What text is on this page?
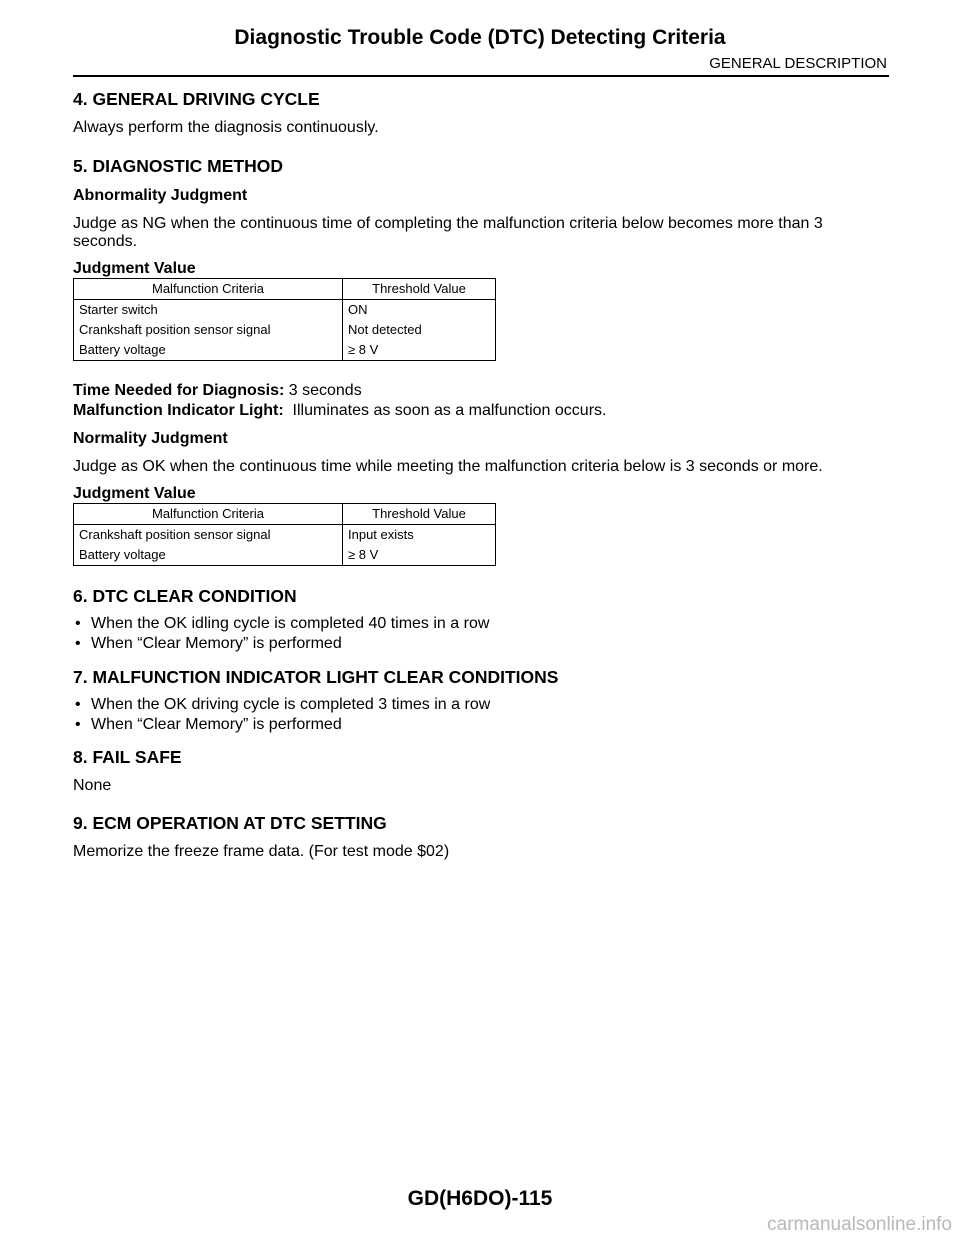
Diagnostic Trouble Code (DTC) Detecting Criteria
GENERAL DESCRIPTION
4. GENERAL DRIVING CYCLE
Always perform the diagnosis continuously.
5. DIAGNOSTIC METHOD
Abnormality Judgment
Judge as NG when the continuous time of completing the malfunction criteria below becomes more than 3 seconds.
Judgment Value
Malfunction Criteria	Threshold Value
Starter switch	ON
Crankshaft position sensor signal	Not detected
Battery voltage	≥ 8 V
Time Needed for Diagnosis: 3 seconds
Malfunction Indicator Light: Illuminates as soon as a malfunction occurs.
Normality Judgment
Judge as OK when the continuous time while meeting the malfunction criteria below is 3 seconds or more.
Judgment Value
Malfunction Criteria	Threshold Value
Crankshaft position sensor signal	Input exists
Battery voltage	≥ 8 V
6. DTC CLEAR CONDITION
• When the OK idling cycle is completed 40 times in a row
• When “Clear Memory” is performed
7. MALFUNCTION INDICATOR LIGHT CLEAR CONDITIONS
• When the OK driving cycle is completed 3 times in a row
• When “Clear Memory” is performed
8. FAIL SAFE
None
9. ECM OPERATION AT DTC SETTING
Memorize the freeze frame data. (For test mode $02)
GD(H6DO)-115
carmanualsonline.info
